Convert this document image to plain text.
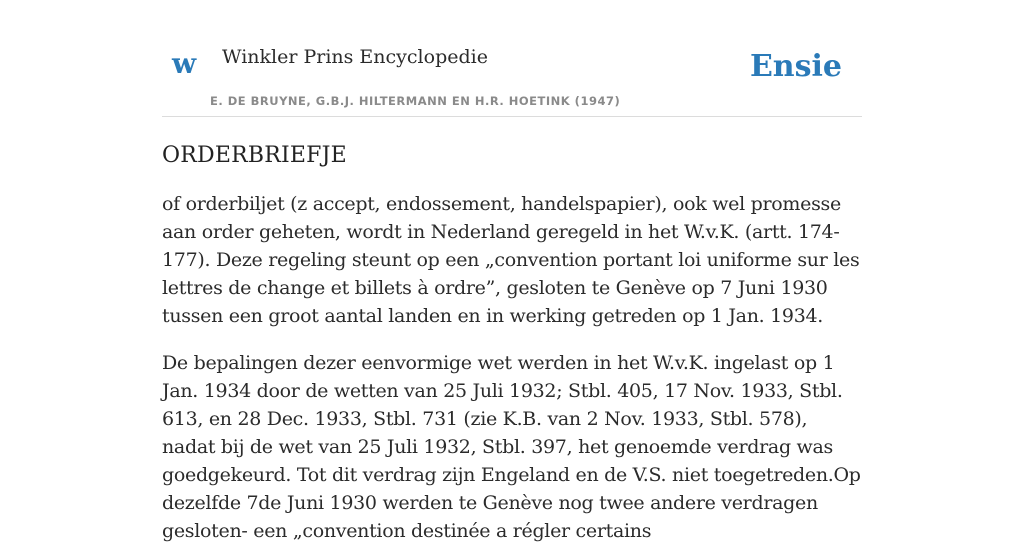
w Winkler Prins Encyclopedie
E. DE BRUYNE, G.B.J. HILTERMANN EN H.R. HOETINK (1947)
Ensie
ORDERBRIEFJE

of orderbiljet (z accept, endossement, handelspapier), ook wel promesse aan order geheten, wordt in Nederland geregeld in het W.v.K. (artt. 174-177). Deze regeling steunt op een „convention portant loi uniforme sur les lettres de change et billets à ordre”, gesloten te Genève op 7 Juni 1930 tussen een groot aantal landen en in werking getreden op 1 Jan. 1934.

De bepalingen dezer eenvormige wet werden in het W.v.K. ingelast op 1 Jan. 1934 door de wetten van 25 Juli 1932; Stbl. 405, 17 Nov. 1933, Stbl. 613, en 28 Dec. 1933, Stbl. 731 (zie K.B. van 2 Nov. 1933, Stbl. 578), nadat bij de wet van 25 Juli 1932, Stbl. 397, het genoemde verdrag was goedgekeurd. Tot dit verdrag zijn Engeland en de V.S. niet toegetreden.Op dezelfde 7de Juni 1930 werden te Genève nog twee andere verdragen gesloten- een „convention destinée a régler certains
